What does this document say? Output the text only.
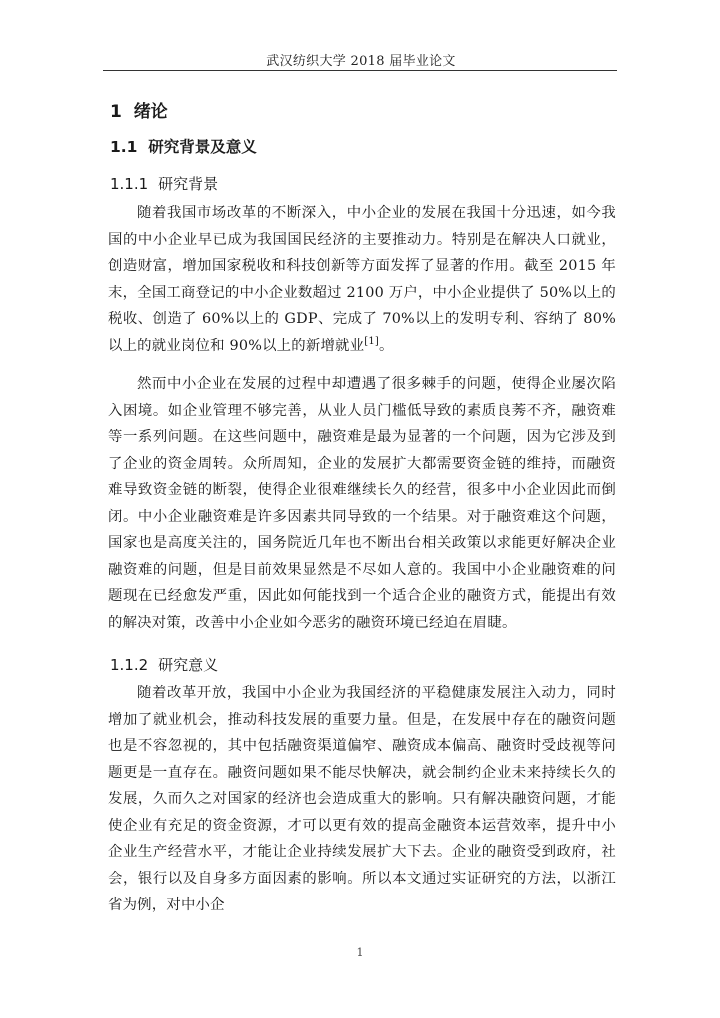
武汉纺织大学 2018 届毕业论文
1 绪论
1.1 研究背景及意义
1.1.1 研究背景

随着我国市场改革的不断深入，中小企业的发展在我国十分迅速，如今我国的中小企业早已成为我国国民经济的主要推动力。特别是在解决人口就业，创造财富，增加国家税收和科技创新等方面发挥了显著的作用。截至 2015 年末，全国工商登记的中小企业数超过 2100 万户，中小企业提供了 50%以上的税收、创造了 60%以上的 GDP、完成了 70%以上的发明专利、容纳了 80%以上的就业岗位和 90%以上的新增就业[1]。

然而中小企业在发展的过程中却遭遇了很多棘手的问题，使得企业屡次陷入困境。如企业管理不够完善，从业人员门槛低导致的素质良莠不齐，融资难等一系列问题。在这些问题中，融资难是最为显著的一个问题，因为它涉及到了企业的资金周转。众所周知，企业的发展扩大都需要资金链的维持，而融资难导致资金链的断裂，使得企业很难继续长久的经营，很多中小企业因此而倒闭。中小企业融资难是许多因素共同导致的一个结果。对于融资难这个问题，国家也是高度关注的，国务院近几年也不断出台相关政策以求能更好解决企业融资难的问题，但是目前效果显然是不尽如人意的。我国中小企业融资难的问题现在已经愈发严重，因此如何能找到一个适合企业的融资方式，能提出有效的解决对策，改善中小企业如今恶劣的融资环境已经迫在眉睫。

1.1.2 研究意义

随着改革开放，我国中小企业为我国经济的平稳健康发展注入动力，同时增加了就业机会，推动科技发展的重要力量。但是，在发展中存在的融资问题也是不容忽视的，其中包括融资渠道偏窄、融资成本偏高、融资时受歧视等问题更是一直存在。融资问题如果不能尽快解决，就会制约企业未来持续长久的发展，久而久之对国家的经济也会造成重大的影响。只有解决融资问题，才能使企业有充足的资金资源，才可以更有效的提高金融资本运营效率，提升中小企业生产经营水平，才能让企业持续发展扩大下去。企业的融资受到政府，社会，银行以及自身多方面因素的影响。所以本文通过实证研究的方法，以浙江省为例，对中小企

1
